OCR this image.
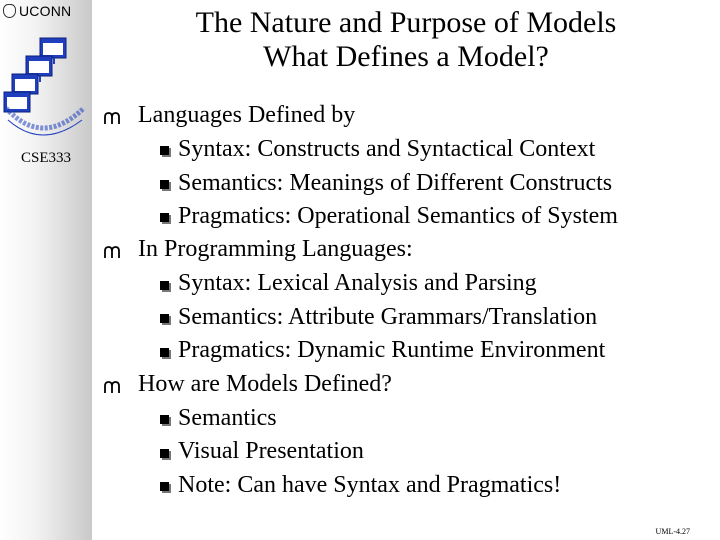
UCONN
CSE333
The Nature and Purpose of Models
What Defines a Model?
Languages Defined by
Syntax: Constructs and Syntactical Context
Semantics: Meanings of Different Constructs
Pragmatics: Operational Semantics of System
In Programming Languages:
Syntax: Lexical Analysis and Parsing
Semantics: Attribute Grammars/Translation
Pragmatics: Dynamic Runtime Environment
How are Models Defined?
Semantics
Visual Presentation
Note: Can have Syntax and Pragmatics!
UML-4.27
